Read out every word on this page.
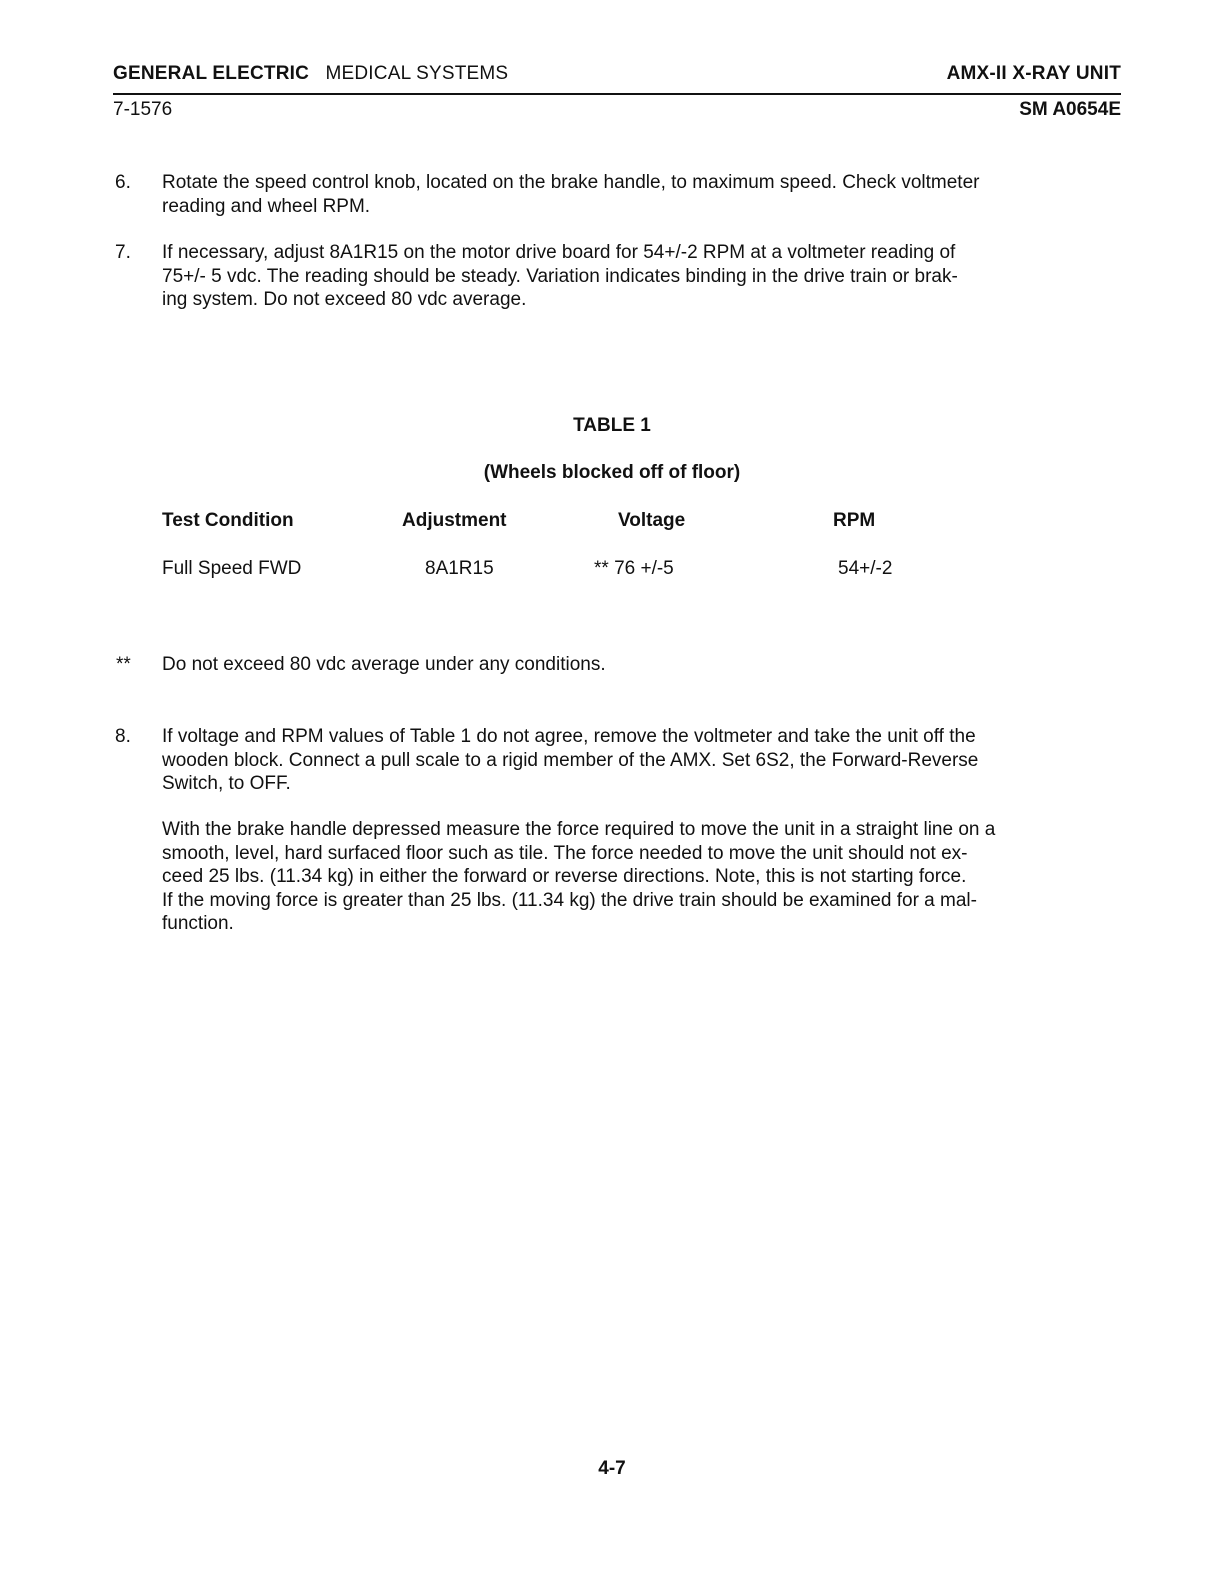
GENERAL ELECTRIC MEDICAL SYSTEMS	AMX-II X-RAY UNIT
7-1576	SM A0654E
6. Rotate the speed control knob, located on the brake handle, to maximum speed. Check voltmeter
reading and wheel RPM.
7. If necessary, adjust 8A1R15 on the motor drive board for 54+/-2 RPM at a voltmeter reading of
75+/- 5 vdc. The reading should be steady. Variation indicates binding in the drive train or brak-
ing system. Do not exceed 80 vdc average.
TABLE 1
(Wheels blocked off of floor)
Test Condition	Adjustment	Voltage	RPM
Full Speed FWD	8A1R15	** 76 +/-5	54+/-2
** Do not exceed 80 vdc average under any conditions.
8. If voltage and RPM values of Table 1 do not agree, remove the voltmeter and take the unit off the
wooden block. Connect a pull scale to a rigid member of the AMX. Set 6S2, the Forward-Reverse
Switch, to OFF.
With the brake handle depressed measure the force required to move the unit in a straight line on a
smooth, level, hard surfaced floor such as tile. The force needed to move the unit should not ex-
ceed 25 lbs. (11.34 kg) in either the forward or reverse directions. Note, this is not starting force.
If the moving force is greater than 25 lbs. (11.34 kg) the drive train should be examined for a mal-
function.
4-7
